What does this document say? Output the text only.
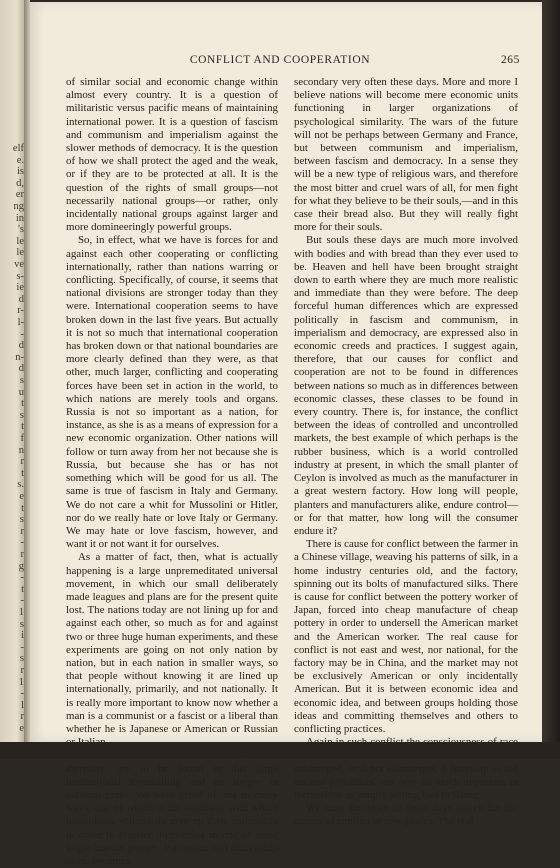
elf
e.
is
d,
er
ng
in
's
le
le
ve
s-
ie
d
r-
l-
-
d
n-
d
s
u
t
s
t
f
n
r
t
s.
e
t
s
r
-
r
g
-
t
-
1
s
i
-
s
r
1
-
l
r
e
CONFLICT AND COOPERATION	265

of similar social and economic change within almost every country. It is a question of militaristic versus pacific means of maintaining international power. It is a question of fascism and communism and imperialism against the slower methods of democracy. It is the question of how we shall protect the aged and the weak, or if they are to be protected at all. It is the question of the rights of small groups—not necessarily national groups—or rather, only incidentally national groups against larger and more domineeringly powerful groups.

So, in effect, what we have is forces for and against each other cooperating or conflicting internationally, rather than nations warring or conflicting. Specifically, of course, it seems that national divisions are stronger today than they were. International cooperation seems to have broken down in the last five years. But actually it is not so much that international cooperation has broken down or that national boundaries are more clearly defined than they were, as that other, much larger, conflicting and cooperating forces have been set in action in the world, to which nations are merely tools and organs. Russia is not so important as a nation, for instance, as she is as a means of expression for a new economic organization. Other nations will follow or turn away from her not because she is Russia, but because she has or has not something which will be good for us all. The same is true of fascism in Italy and Germany. We do not care a whit for Mussolini or Hitler, nor do we really hate or love Italy or Germany. We may hate or love fascism, however, and want it or not want it for ourselves.

As a matter of fact, then, what is actually happening is a large unpremeditated universal movement, in which our small deliberately made leagues and plans are for the present quite lost. The nations today are not lining up for and against each other, so much as for and against two or three huge human experiments, and these experiments are going on not only nation by nation, but in each nation in smaller ways, so that people without knowing it are lined up internationally, primarily, and not nationally. It is really more important to know now whether a man is a communist or a fascist or a liberal than whether he is Japanese or American or Russian

therefore, are to be found in this large international marshalling and no longer in national ranks. We have proof of this in many ways, one of which is the readiness with which individuals voluntarily give up their nationality in order to register themselves in one of these larger human groups. Patriotism and citizenship even, becomes

secondary very often these days. More and more I believe nations will become mere economic units functioning in larger organizations of psychological similarity. The wars of the future will not be perhaps between Germany and France, but between communism and imperialism, between fascism and democracy. In a sense they will be a new type of religious wars, and therefore the most bitter and cruel wars of all, for men fight for what they believe to be their souls,—and in this case their bread also. But they will really fight more for their souls.

But souls these days are much more involved with bodies and with bread than they ever used to be. Heaven and hell have been brought straight down to earth where they are much more realistic and immediate than they were before. The deep forceful human differences which are expressed politically in fascism and communism, in imperialism and democracy, are expressed also in economic creeds and practices. I suggest again, therefore, that our causes for conflict and cooperation are not to be found in differences between nations so much as in differences between economic classes, these classes to be found in every country. There is, for instance, the conflict between the ideas of controlled and uncontrolled markets, the best example of which perhaps is the rubber business, which is a world controlled industry at present, in which the small planter of Ceylon is involved as much as the manufacturer in a great western factory. How long will people, planters and manufacturers alike, endure control—or for that matter, how long will the consumer endure it?

There is cause for conflict between the farmer in a Chinese village, weaving his patterns of silk, in a home industry centuries old, and the factory, spinning out its bolts of manufactured silks. There is cause for conflict between the pottery worker of Japan, forced into cheap manufacture of cheap pottery in order to undersell the American market and the American worker. The real cause for conflict is not east and west, nor national, for the factory may be in China, and the market may not be exclusively American or only incidentally American. But it is between economic idea and economic idea, and between groups holding those ideas and committing themselves and others to conflicting practices.

submerged, or if not submerged, it flares up as old ancient prejudices, not now so much important in themselves as simply adding fuel to flame.

We must therefore in these days search for the causes of conflict in new places. The real
